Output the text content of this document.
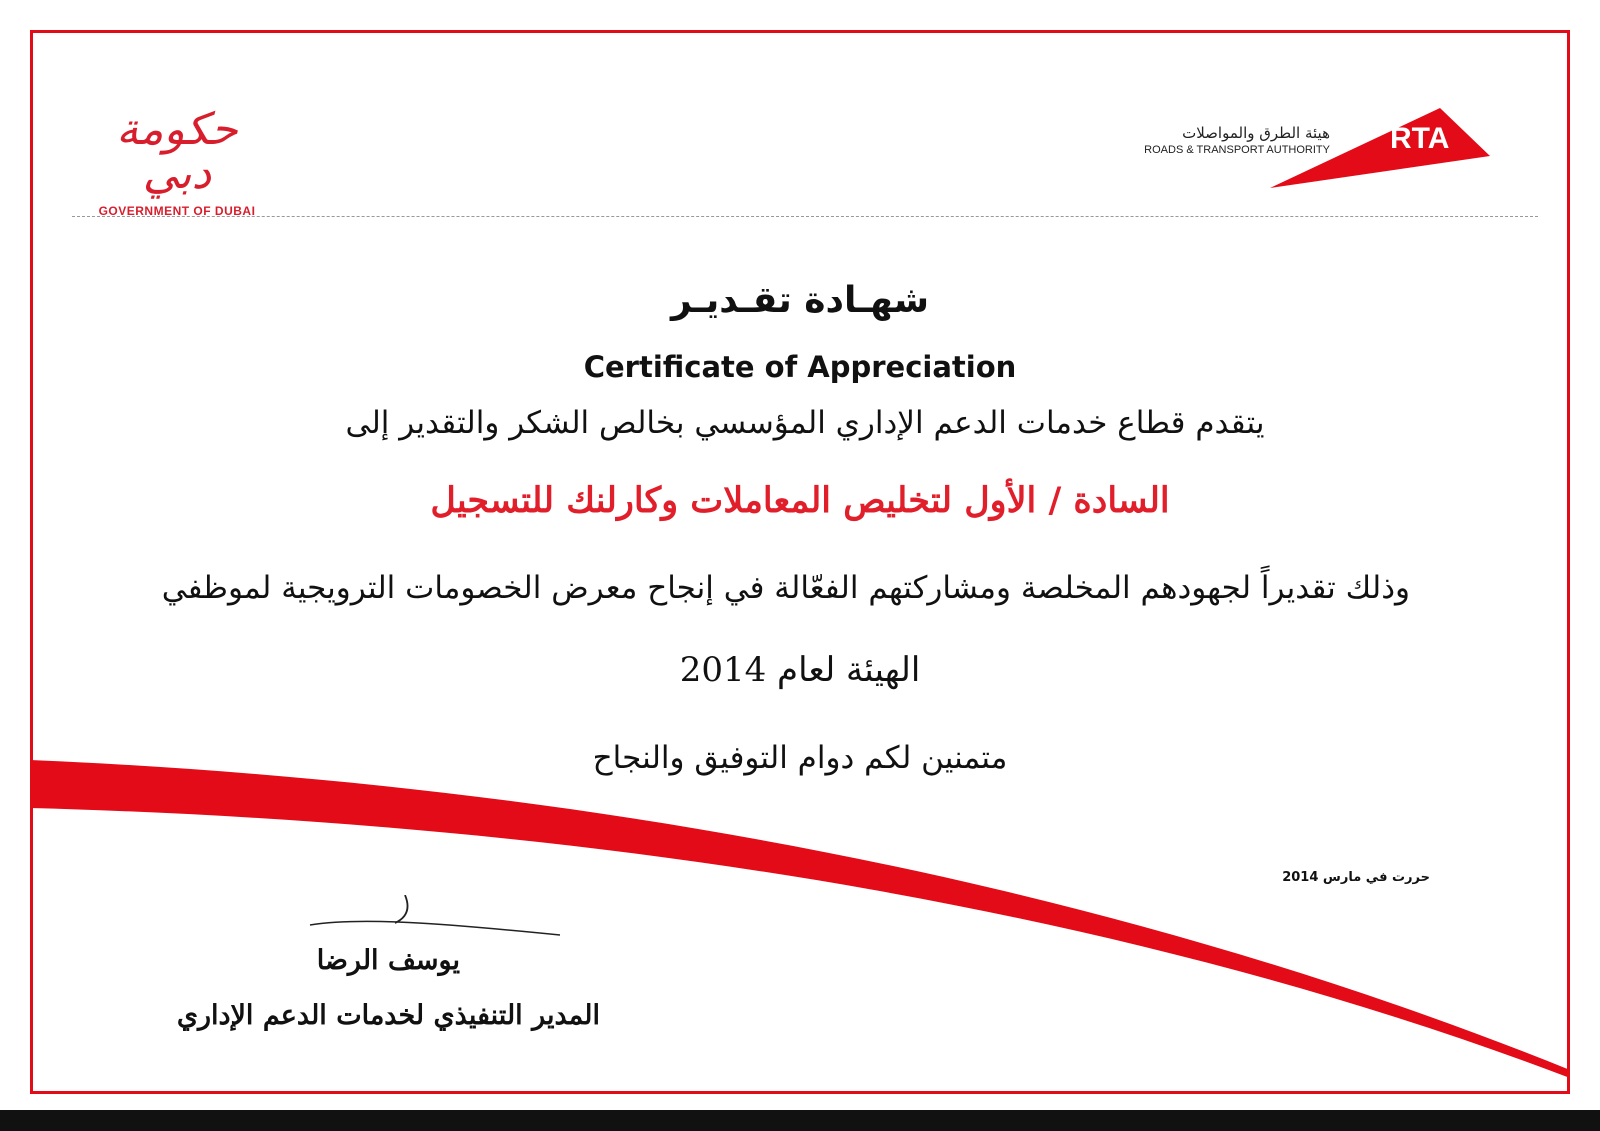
حكومة دبي
GOVERNMENT OF DUBAI
هيئة الطرق والمواصلات
ROADS & TRANSPORT AUTHORITY RTA
شهـادة تقـديـر
Certificate of Appreciation
يتقدم قطاع خدمات الدعم الإداري المؤسسي بخالص الشكر والتقدير إلى
السادة / الأول لتخليص المعاملات وكارلنك للتسجيل
وذلك تقديراً لجهودهم المخلصة ومشاركتهم الفعّالة في إنجاح معرض الخصومات الترويجية لموظفي
الهيئة لعام 2014
متمنين لكم دوام التوفيق والنجاح
حررت في مارس 2014
يوسف الرضا
المدير التنفيذي لخدمات الدعم الإداري
